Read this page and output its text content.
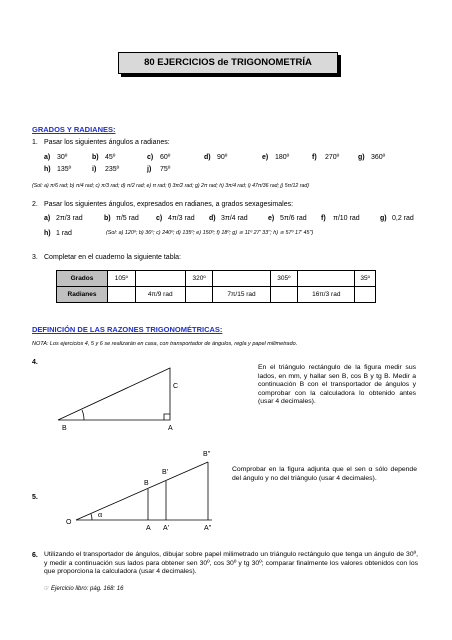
80 EJERCICIOS de TRIGONOMETRÍA
GRADOS Y RADIANES:
1. Pasar los siguientes ángulos a radianes:
a) 30º	b) 45º	c) 60º	d) 90º	e) 180º	f) 270º	g) 360º
h) 135º	i) 235º	j) 75º
(Sol: a) π/6 rad; b) π/4 rad; c) π/3 rad; d) π/2 rad; e) π rad; f) 3π/2 rad; g) 2π rad; h) 3π/4 rad; i) 47π/36 rad; j) 5π/12 rad)
2. Pasar los siguientes ángulos, expresados en radianes, a grados sexagesimales:
a) 2π/3 rad	b) π/5 rad c) 4π/3 rad d) 3π/4 rad	e) 5π/6 rad f) π/10 rad	g) 0,2 rad
h) 1 rad	(Sol: a) 120º; b) 36º; c) 240º; d) 135º; e) 150º; f) 18º; g) ≅ 11º 27' 33''; h) ≅ 57º 17' 45'')
3. Completar en el cuaderno la siguiente tabla:
Grados	105º		320º		305º		35º
Radianes		4π/9 rad		7π/15 rad		16π/3 rad	
DEFINICIÓN DE LAS RAZONES TRIGONOMÉTRICAS:
NOTA: Los ejercicios 4, 5 y 6 se realizarán en casa, con transportador de ángulos, regla y papel milimetrado.
4.
En el triángulo rectángulo de la figura medir sus lados, en mm, y hallar sen B, cos B y tg B. Medir a continuación B con el transportador de ángulos y comprobar con la calculadora lo obtenido antes (usar 4 decimales).
5.
Comprobar en la figura adjunta que el sen α sólo depende del ángulo y no del triángulo (usar 4 decimales).
6. Utilizando el transportador de ángulos, dibujar sobre papel milimetrado un triángulo rectángulo que tenga un ángulo de 30º, y medir a continuación sus lados para obtener sen 30º, cos 30º y tg 30º; comparar finalmente los valores obtenidos con los que proporciona la calculadora (usar 4 decimales).
☞ Ejercicio libro: pág. 168: 16
B	A
C
O
α
A A'	A''
B
B'
B''
